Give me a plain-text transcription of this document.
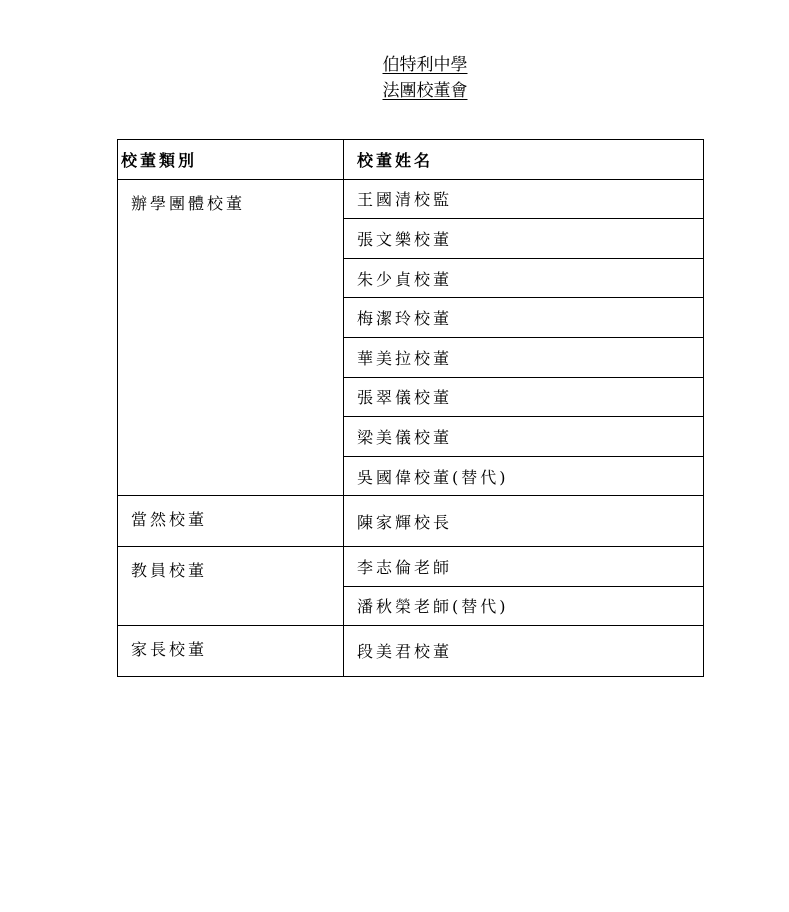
伯特利中學
法團校董會
校董類別	校董姓名
辦學團體校董	王國清校監
	張文樂校董
	朱少貞校董
	梅潔玲校董
	華美拉校董
	張翠儀校董
	梁美儀校董
	吳國偉校董(替代)
當然校董	陳家輝校長
教員校董	李志倫老師
	潘秋榮老師(替代)
家長校董	段美君校董
